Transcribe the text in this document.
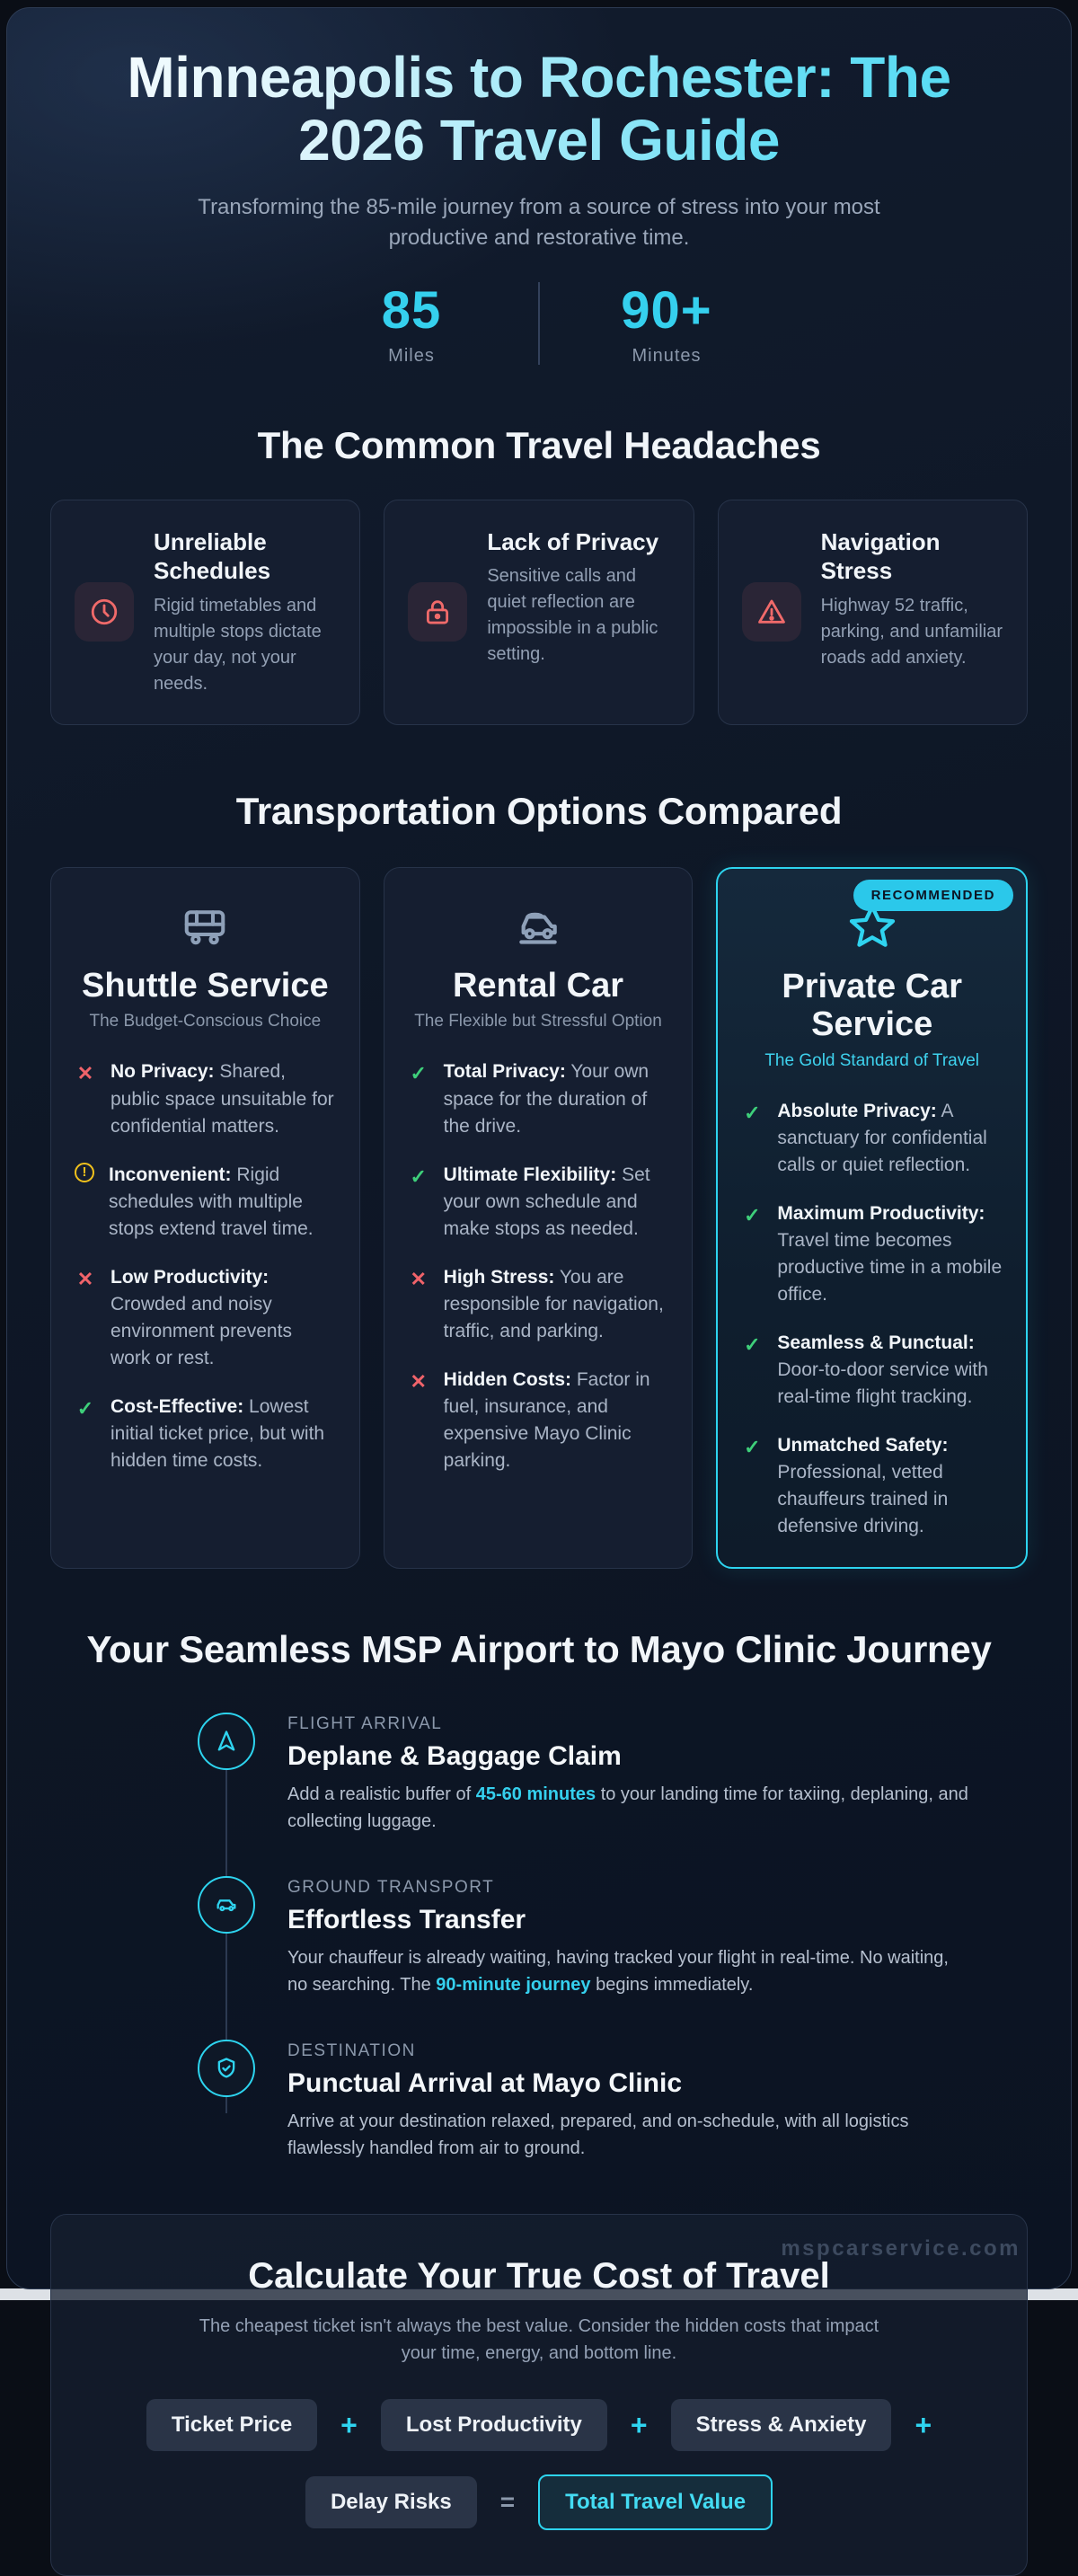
Minneapolis to Rochester: The
2026 Travel Guide
Transforming the 85-mile journey from a source of stress into your most productive and restorative time.
85
Miles
90+
Minutes
The Common Travel Headaches
Unreliable Schedules

Rigid timetables and multiple stops dictate your day, not your needs.

Lack of Privacy

Sensitive calls and quiet reflection are impossible in a public setting.

Navigation Stress

Highway 52 traffic, parking, and unfamiliar roads add anxiety.

Transportation Options Compared
Shuttle Service
The Budget-Conscious Choice
✕ No Privacy: Shared, public space unsuitable for confidential matters.
!	Inconvenient: Rigid schedules with multiple stops extend travel time.
✕ Low Productivity: Crowded and noisy environment prevents work or rest.
✓ Cost-Effective: Lowest initial ticket price, but with hidden time costs.
Rental Car
The Flexible but Stressful Option
✓ Total Privacy: Your own space for the duration of the drive.
✓ Ultimate Flexibility: Set your own schedule and make stops as needed.
✕ High Stress: You are responsible for navigation, traffic, and parking.
✕ Hidden Costs: Factor in fuel, insurance, and expensive Mayo Clinic parking.
RECOMMENDED
Private Car Service
The Gold Standard of Travel
✓ Absolute Privacy: A sanctuary for confidential calls or quiet reflection.
✓ Maximum Productivity: Travel time becomes productive time in a mobile office.
✓ Seamless & Punctual: Door-to-door service with real-time flight tracking.
✓ Unmatched Safety: Professional, vetted chauffeurs trained in defensive driving.
Your Seamless MSP Airport to Mayo Clinic Journey
FLIGHT ARRIVAL
Deplane & Baggage Claim

Add a realistic buffer of 45-60 minutes to your landing time for taxiing, deplaning, and collecting luggage.

GROUND TRANSPORT
Effortless Transfer

Your chauffeur is already waiting, having tracked your flight in real-time. No waiting, no searching. The 90-minute journey begins immediately.

DESTINATION
Punctual Arrival at Mayo Clinic

Arrive at your destination relaxed, prepared, and on-schedule, with all logistics flawlessly handled from air to ground.

Calculate Your True Cost of Travel
The cheapest ticket isn't always the best value. Consider the hidden costs that impact your time, energy, and bottom line.
Ticket Price	+	Lost Productivity	+	Stress & Anxiety	+
Delay Risks	=	Total Travel Value
mspcarservice.com
